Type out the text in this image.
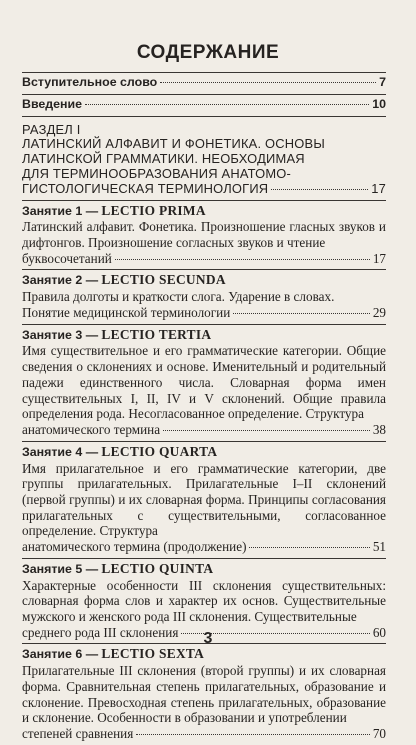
СОДЕРЖАНИЕ
Вступительное слово	7
Введение	10
РАЗДЕЛ I
ЛАТИНСКИЙ АЛФАВИТ И ФОНЕТИКА. ОСНОВЫ
ЛАТИНСКОЙ ГРАММАТИКИ. НЕОБХОДИМАЯ
ДЛЯ ТЕРМИНООБРАЗОВАНИЯ АНАТОМО-
ГИСТОЛОГИЧЕСКАЯ ТЕРМИНОЛОГИЯ	17
Занятие 1 — LECTIO PRIMA
Латинский алфавит. Фонетика. Произношение гласных звуков и дифтонгов. Произношение согласных звуков и чтение
буквосочетаний	17
Занятие 2 — LECTIO SECUNDA
Правила долготы и краткости слога. Ударение в словах.
Понятие медицинской терминологии	29
Занятие 3 — LECTIO TERTIA
Имя существительное и его грамматические категории. Общие сведения о склонениях и основе. Именительный и родительный падежи единственного числа. Словарная форма имен существительных I, II, IV и V склонений. Общие правила определения рода. Несогласованное определение. Структура
анатомического термина	38
Занятие 4 — LECTIO QUARTA
Имя прилагательное и его грамматические категории, две группы прилагательных. Прилагательные I–II склонений (первой группы) и их словарная форма. Принципы согласования прилагательных с существительными, согласованное определение. Структура
анатомического термина (продолжение)	51
Занятие 5 — LECTIO QUINTA
Характерные особенности III склонения существительных: словарная форма слов и характер их основ. Существительные мужского и женского рода III склонения. Существительные
среднего рода III склонения	60
Занятие 6 — LECTIO SEXTA
Прилагательные III склонения (второй группы) и их словарная форма. Сравнительная степень прилагательных, образование и склонение. Превосходная степень прилагательных, образование и склонение. Особенности в образовании и употреблении
степеней сравнения	70
3
